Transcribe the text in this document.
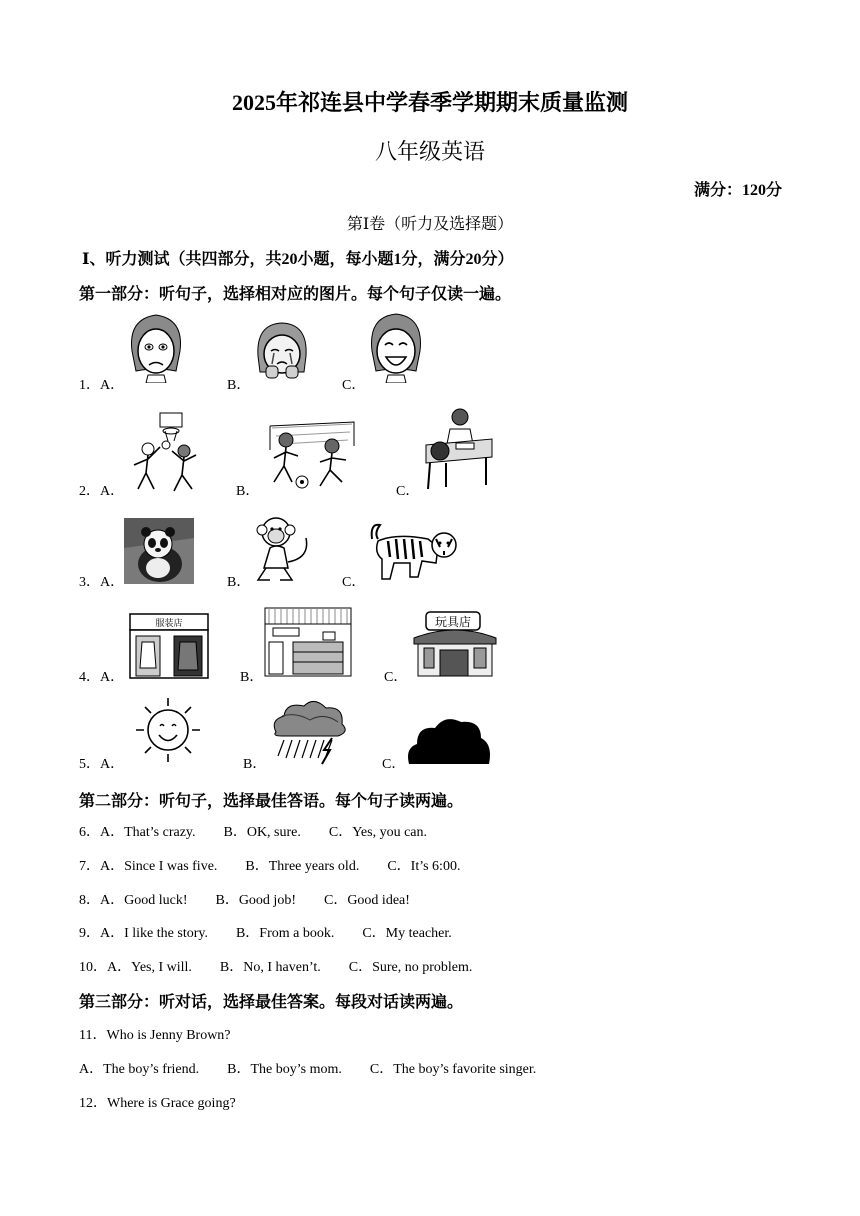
2025年祁连县中学春季学期期末质量监测
八年级英语
满分：120分
第Ⅰ卷（听力及选择题）
Ⅰ、听力测试（共四部分，共20小题，每小题1分，满分20分）
第一部分：听句子，选择相对应的图片。每个句子仅读一遍。
1．A．	B．	C．
2．A．	B．	C．
3．A．	B．	C．
4．A．
服装店
B．	C．
玩具店
5．A．	B．	C．
第二部分：听句子，选择最佳答语。每个句子读两遍。
6．A．That’s crazy.　　B．OK, sure.　　C．Yes, you can.
7．A．Since I was five.　　B．Three years old.　　C．It’s 6:00.
8．A．Good luck!　　B．Good job!　　C．Good idea!
9．A．I like the story.　　B．From a book.　　C．My teacher.
10．A．Yes, I will.　　B．No, I haven’t.　　C．Sure, no problem.
第三部分：听对话，选择最佳答案。每段对话读两遍。
11．Who is Jenny Brown?
A．The boy’s friend.　　B．The boy’s mom.　　C．The boy’s favorite singer.
12．Where is Grace going?
